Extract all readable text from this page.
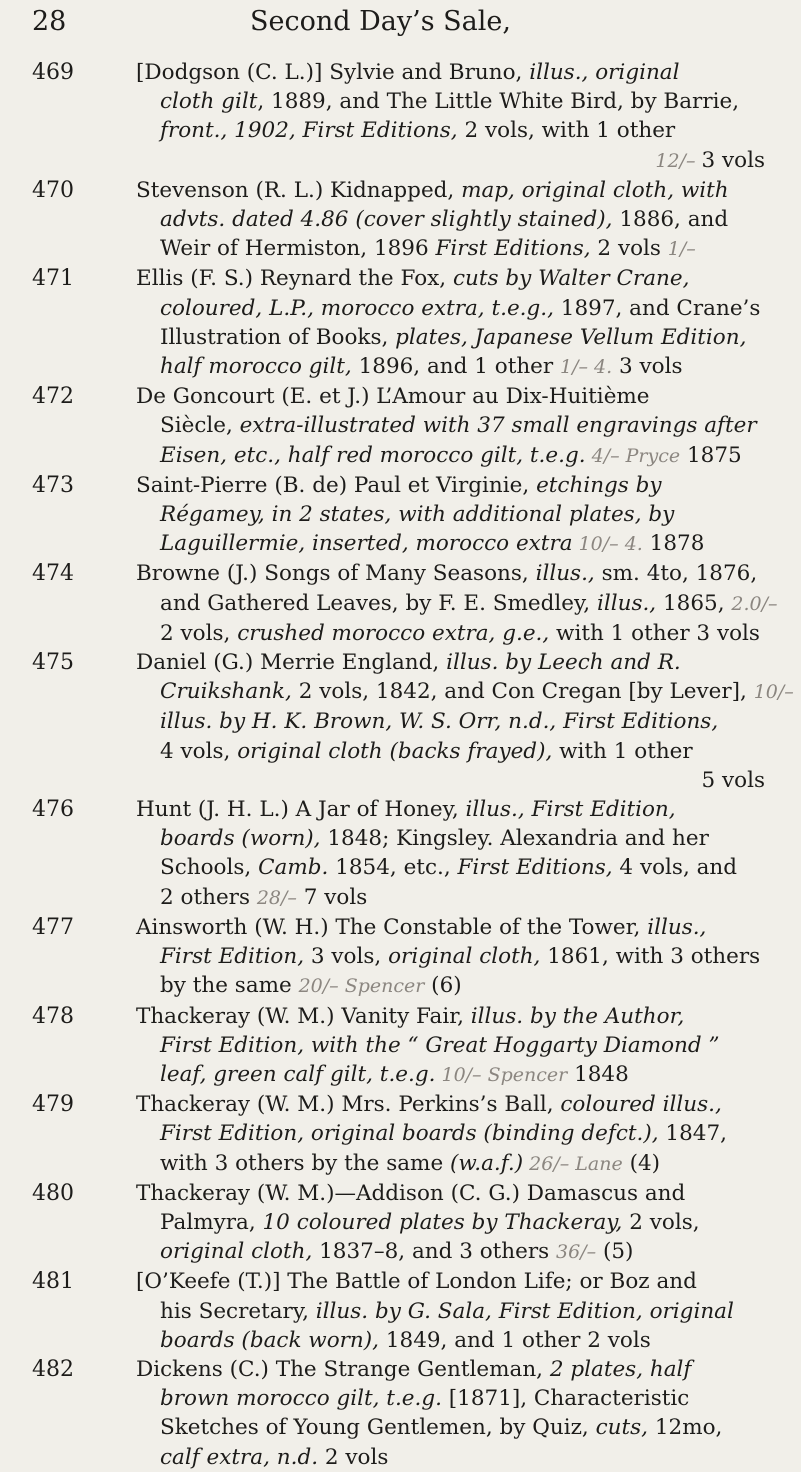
28	Second Day’s Sale,
469	[Dodgson (C. L.)] Sylvie and Bruno, illus., original
cloth gilt, 1889, and The Little White Bird, by Barrie,
front., 1902, First Editions, 2 vols, with 1 other
12/– 3 vols
470	Stevenson (R. L.) Kidnapped, map, original cloth, with
advts. dated 4.86 (cover slightly stained), 1886, and
Weir of Hermiston, 1896 First Editions, 2 vols 1/–
471	Ellis (F. S.) Reynard the Fox, cuts by Walter Crane,
coloured, L.P., morocco extra, t.e.g., 1897, and Crane’s
Illustration of Books, plates, Japanese Vellum Edition,
half morocco gilt, 1896, and 1 other 1/– 4. 3 vols
472	De Goncourt (E. et J.) L’Amour au Dix-Huitième
Siècle, extra-illustrated with 37 small engravings after
Eisen, etc., half red morocco gilt, t.e.g. 4/– Pryce 1875
473	Saint-Pierre (B. de) Paul et Virginie, etchings by
Régamey, in 2 states, with additional plates, by
Laguillermie, inserted, morocco extra 10/– 4. 1878
474	Browne (J.) Songs of Many Seasons, illus., sm. 4to, 1876,
and Gathered Leaves, by F. E. Smedley, illus., 1865, 2.0/–
2 vols, crushed morocco extra, g.e., with 1 other 3 vols
475	Daniel (G.) Merrie England, illus. by Leech and R.
Cruikshank, 2 vols, 1842, and Con Cregan [by Lever], 10/–
illus. by H. K. Brown, W. S. Orr, n.d., First Editions,
4 vols, original cloth (backs frayed), with 1 other
5 vols
476	Hunt (J. H. L.) A Jar of Honey, illus., First Edition,
boards (worn), 1848; Kingsley. Alexandria and her
Schools, Camb. 1854, etc., First Editions, 4 vols, and
2 others 28/– 7 vols
477	Ainsworth (W. H.) The Constable of the Tower, illus.,
First Edition, 3 vols, original cloth, 1861, with 3 others
by the same 20/– Spencer (6)
478	Thackeray (W. M.) Vanity Fair, illus. by the Author,
First Edition, with the “ Great Hoggarty Diamond ”
leaf, green calf gilt, t.e.g. 10/– Spencer 1848
479	Thackeray (W. M.) Mrs. Perkins’s Ball, coloured illus.,
First Edition, original boards (binding defct.), 1847,
with 3 others by the same (w.a.f.) 26/– Lane (4)
480	Thackeray (W. M.)—Addison (C. G.) Damascus and
Palmyra, 10 coloured plates by Thackeray, 2 vols,
original cloth, 1837–8, and 3 others 36/– (5)
481	[O’Keefe (T.)] The Battle of London Life; or Boz and
his Secretary, illus. by G. Sala, First Edition, original
boards (back worn), 1849, and 1 other 2 vols
482	Dickens (C.) The Strange Gentleman, 2 plates, half
brown morocco gilt, t.e.g. [1871], Characteristic
Sketches of Young Gentlemen, by Quiz, cuts, 12mo,
calf extra, n.d. 2 vols
